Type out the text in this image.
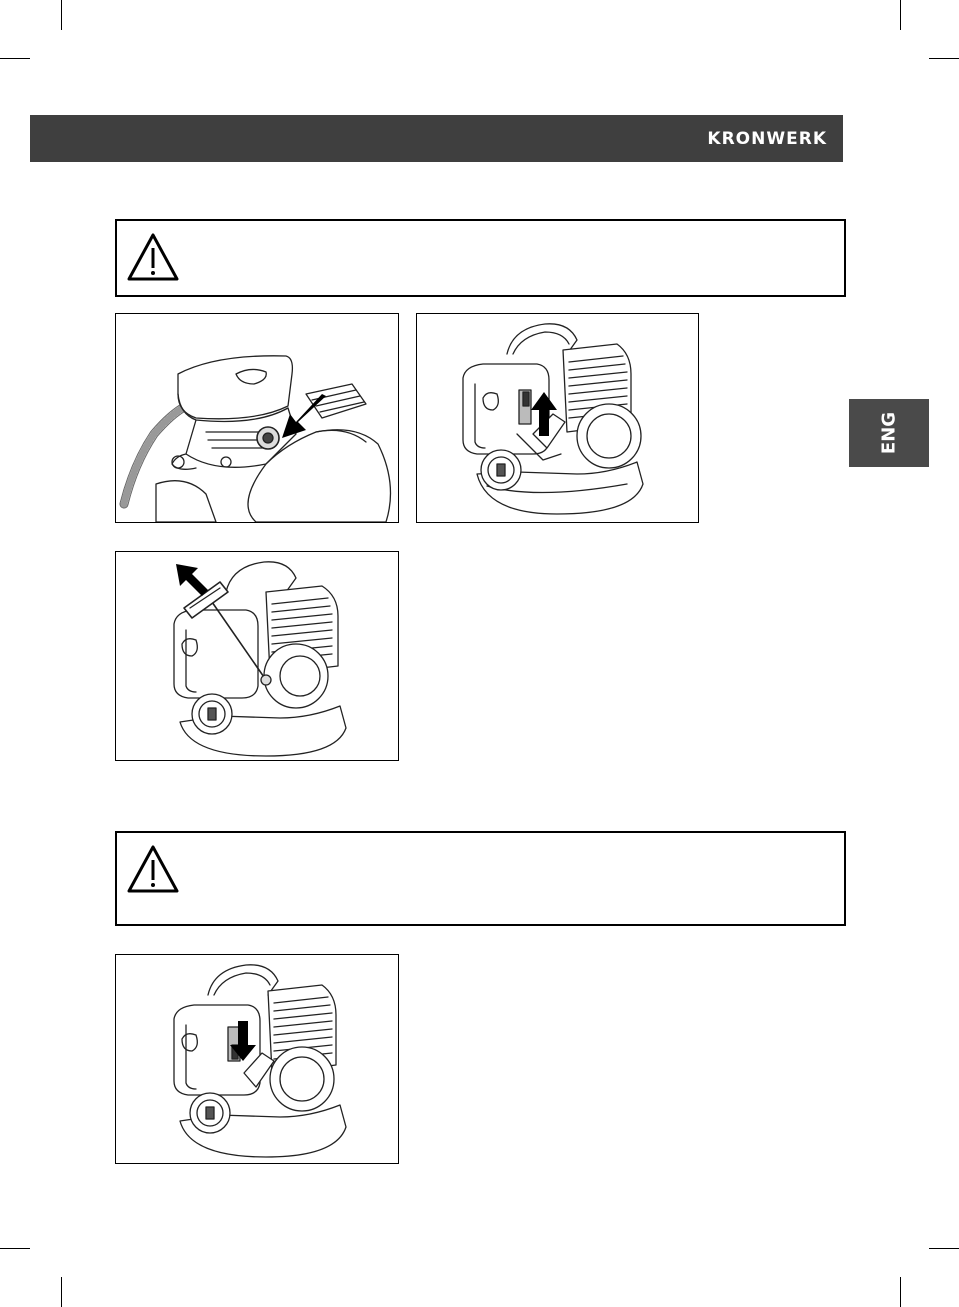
KRONWERK
ENG
